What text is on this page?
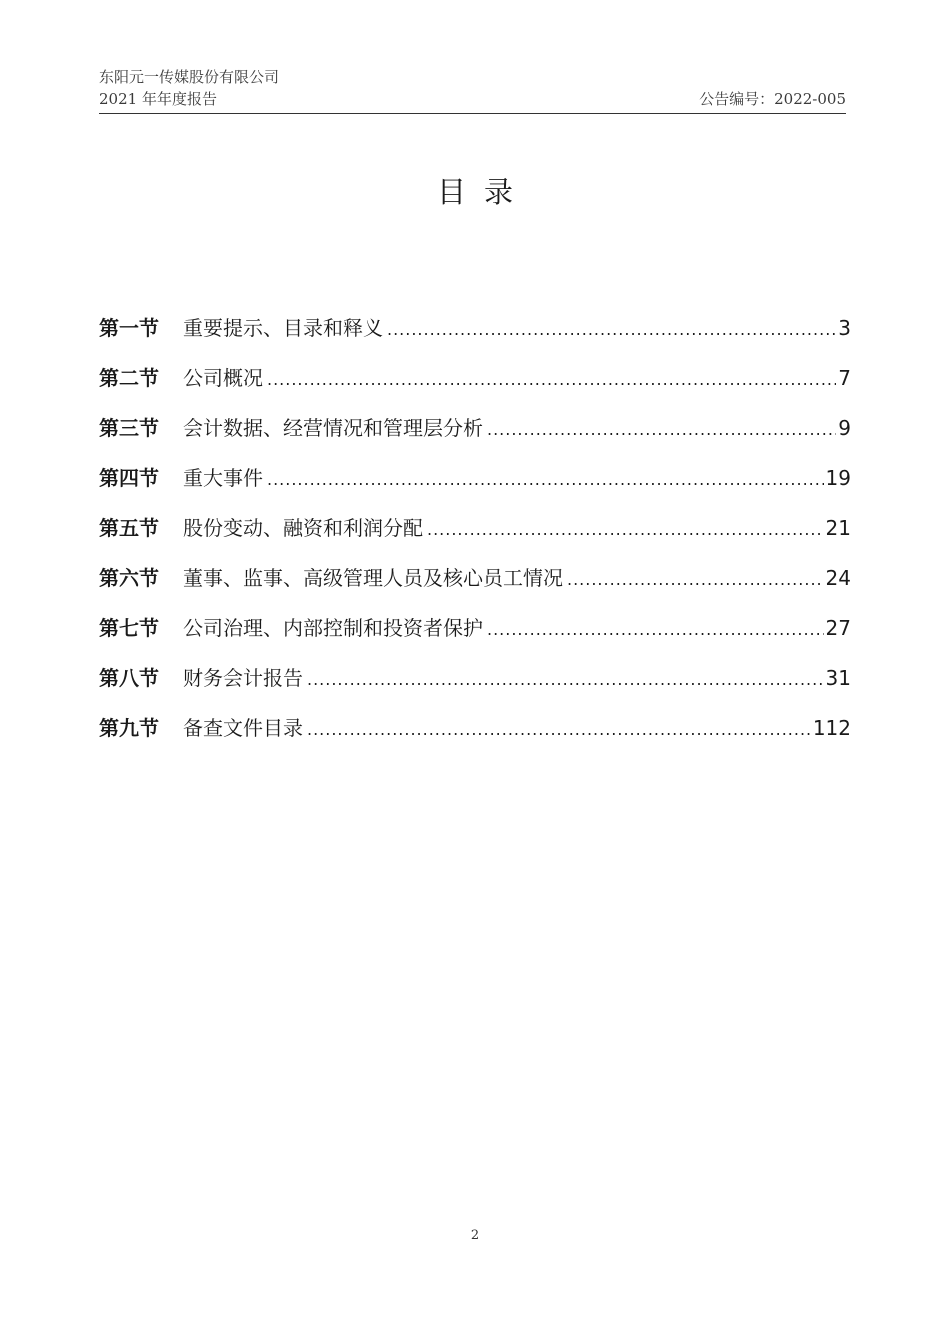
东阳元一传媒股份有限公司
2021 年年度报告	公告编号：2022-005
目录
第一节	重要提示、目录和释义 .....	3
第二节	公司概况 .....	7
第三节	会计数据、经营情况和管理层分析 .....	9
第四节	重大事件 .....	19
第五节	股份变动、融资和利润分配 .....	21
第六节	董事、监事、高级管理人员及核心员工情况 .....	24
第七节	公司治理、内部控制和投资者保护 .....	27
第八节	财务会计报告 .....	31
第九节	备查文件目录 .....	112
2
